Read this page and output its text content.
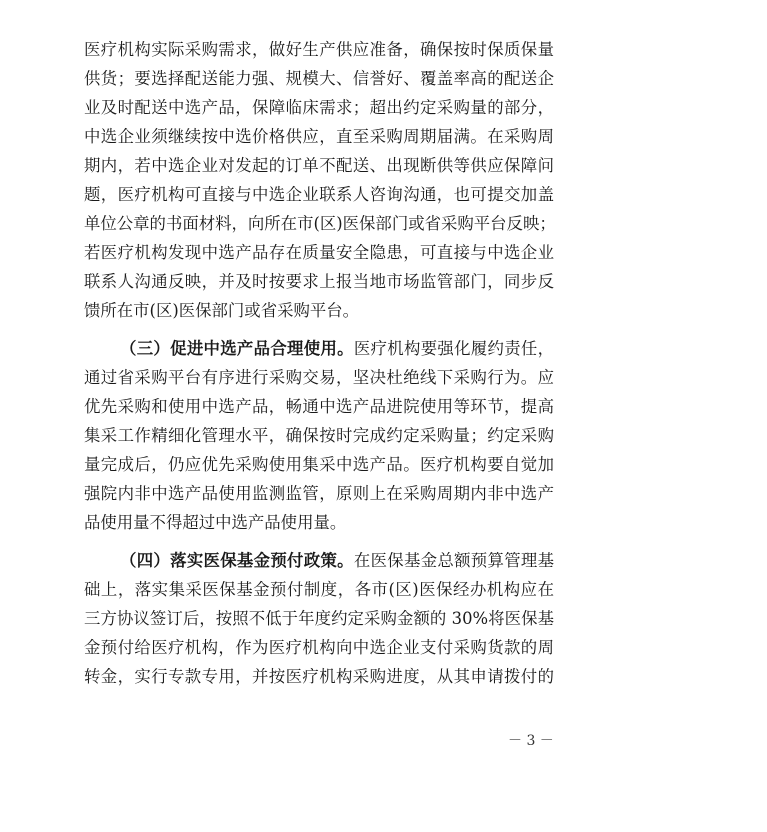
医疗机构实际采购需求，做好生产供应准备，确保按时保质保量
供货；要选择配送能力强、规模大、信誉好、覆盖率高的配送企
业及时配送中选产品，保障临床需求；超出约定采购量的部分，
中选企业须继续按中选价格供应，直至采购周期届满。在采购周
期内，若中选企业对发起的订单不配送、出现断供等供应保障问
题，医疗机构可直接与中选企业联系人咨询沟通，也可提交加盖
单位公章的书面材料，向所在市(区)医保部门或省采购平台反映；
若医疗机构发现中选产品存在质量安全隐患，可直接与中选企业
联系人沟通反映，并及时按要求上报当地市场监管部门，同步反
馈所在市(区)医保部门或省采购平台。
（三）促进中选产品合理使用。医疗机构要强化履约责任，
通过省采购平台有序进行采购交易，坚决杜绝线下采购行为。应
优先采购和使用中选产品，畅通中选产品进院使用等环节，提高
集采工作精细化管理水平，确保按时完成约定采购量；约定采购
量完成后，仍应优先采购使用集采中选产品。医疗机构要自觉加
强院内非中选产品使用监测监管，原则上在采购周期内非中选产
品使用量不得超过中选产品使用量。
（四）落实医保基金预付政策。在医保基金总额预算管理基
础上，落实集采医保基金预付制度，各市(区)医保经办机构应在
三方协议签订后，按照不低于年度约定采购金额的 30%将医保基
金预付给医疗机构，作为医疗机构向中选企业支付采购货款的周
转金，实行专款专用，并按医疗机构采购进度，从其申请拨付的
－ 3 －
